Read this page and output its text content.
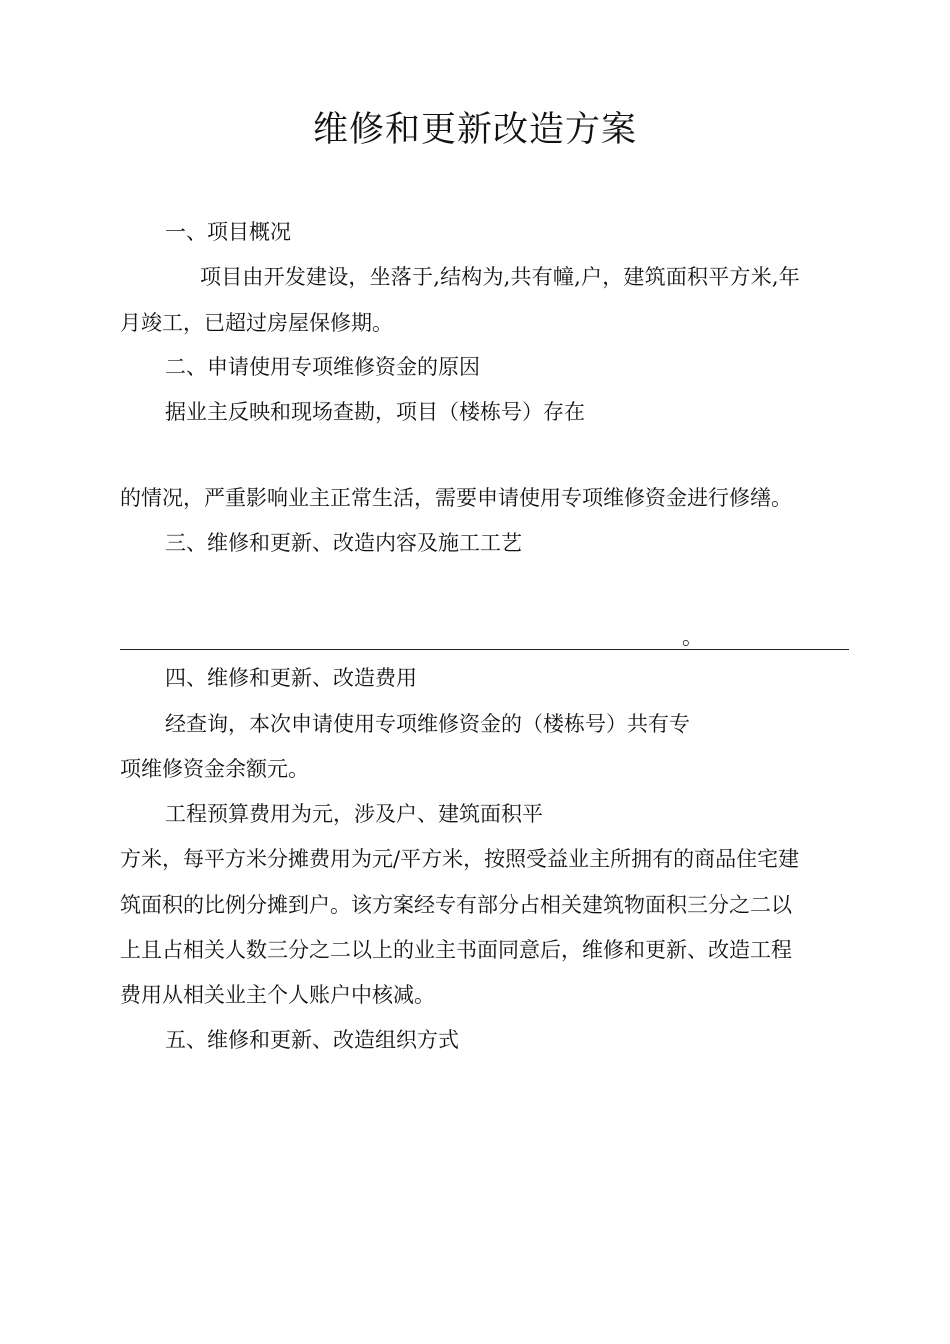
维修和更新改造方案
一、项目概况
项目由开发建设，坐落于,结构为,共有幢,户，建筑面积平方米,年
月竣工，已超过房屋保修期。
二、申请使用专项维修资金的原因
据业主反映和现场查勘，项目（楼栋号）存在
的情况，严重影响业主正常生活，需要申请使用专项维修资金进行修缮。
三、维修和更新、改造内容及施工工艺
。
四、维修和更新、改造费用
经查询，本次申请使用专项维修资金的（楼栋号）共有专
项维修资金余额元。
工程预算费用为元，涉及户、建筑面积平
方米，每平方米分摊费用为元/平方米，按照受益业主所拥有的商品住宅建
筑面积的比例分摊到户。该方案经专有部分占相关建筑物面积三分之二以
上且占相关人数三分之二以上的业主书面同意后，维修和更新、改造工程
费用从相关业主个人账户中核减。
五、维修和更新、改造组织方式
